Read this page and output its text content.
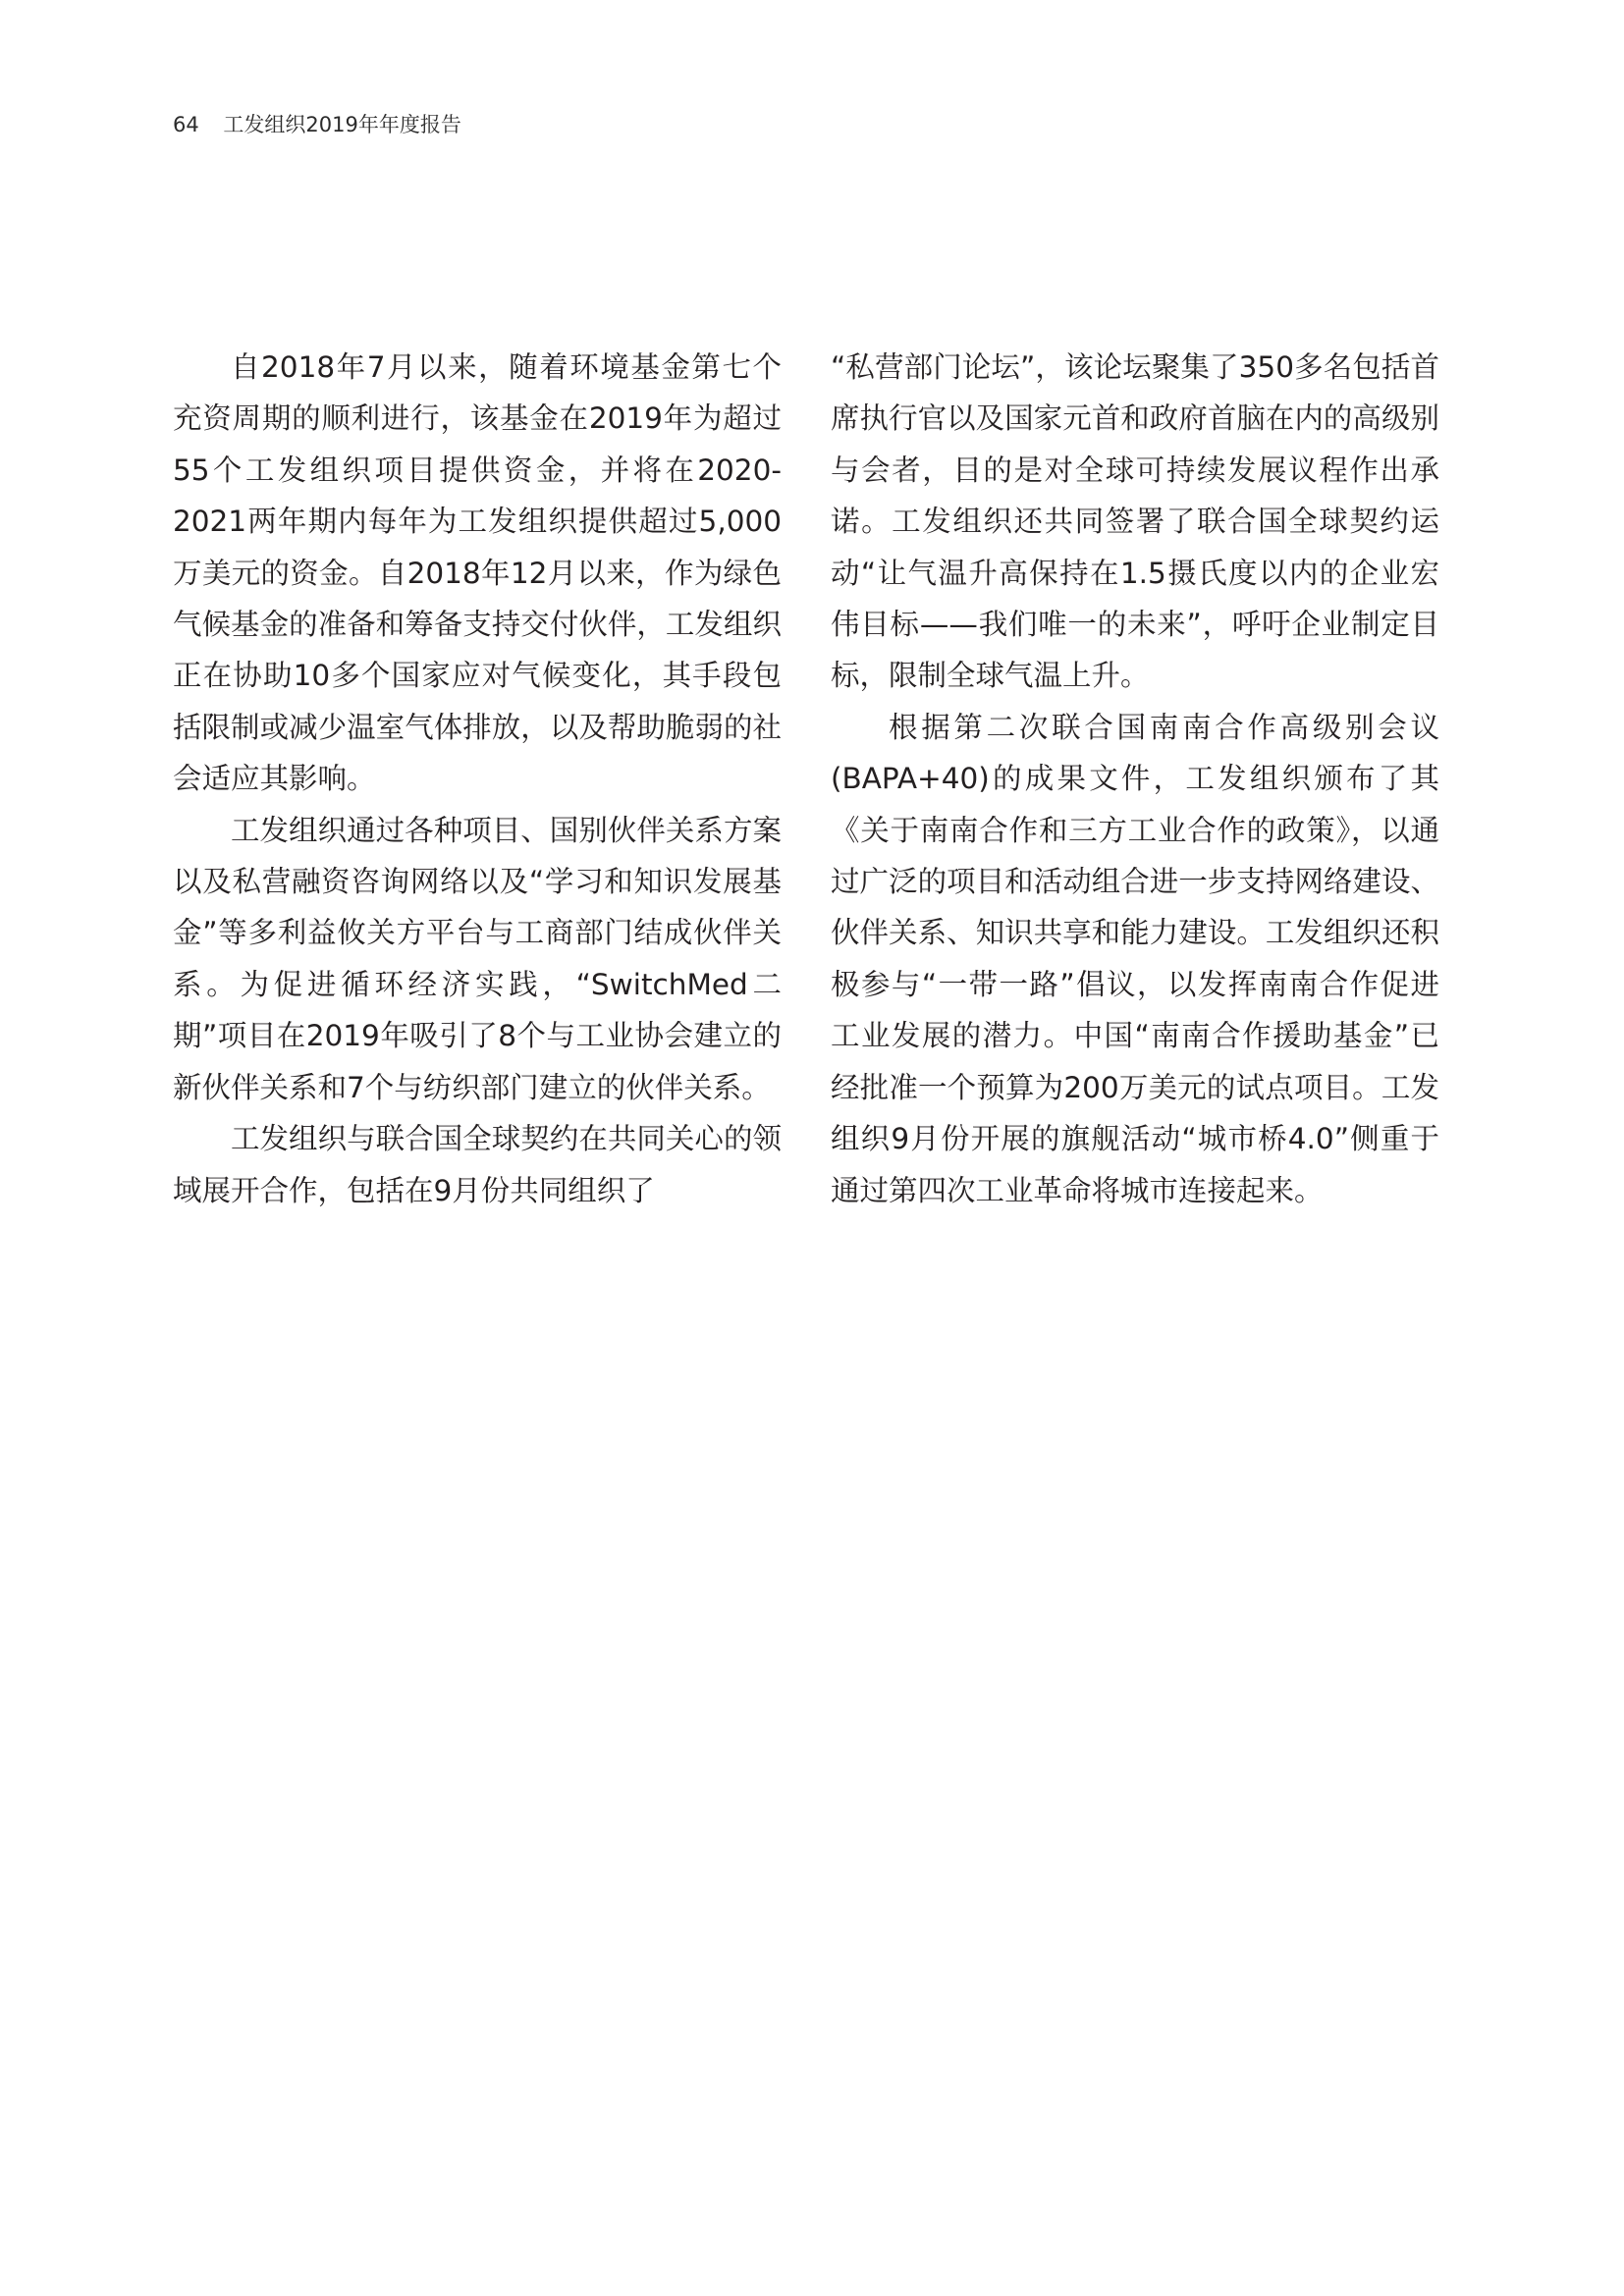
64 工发组织2019年年度报告

自2018年7月以来，随着环境基金第七个充资周期的顺利进行，该基金在2019年为超过55个工发组织项目提供资金，并将在2020-2021两年期内每年为工发组织提供超过5,000万美元的资金。自2018年12月以来，作为绿色气候基金的准备和筹备支持交付伙伴，工发组织正在协助10多个国家应对气候变化，其手段包括限制或减少温室气体排放，以及帮助脆弱的社会适应其影响。

工发组织通过各种项目、国别伙伴关系方案以及私营融资咨询网络以及“学习和知识发展基金”等多利益攸关方平台与工商部门结成伙伴关系。为促进循环经济实践，“SwitchMed二期”项目在2019年吸引了8个与工业协会建立的新伙伴关系和7个与纺织部门建立的伙伴关系。

工发组织与联合国全球契约在共同关心的领域展开合作，包括在9月份共同组织了

“私营部门论坛”，该论坛聚集了350多名包括首席执行官以及国家元首和政府首脑在内的高级别与会者，目的是对全球可持续发展议程作出承诺。工发组织还共同签署了联合国全球契约运动“让气温升高保持在1.5摄氏度以内的企业宏伟目标——我们唯一的未来”，呼吁企业制定目标，限制全球气温上升。

根据第二次联合国南南合作高级别会议(BAPA+40)的成果文件，工发组织颁布了其《关于南南合作和三方工业合作的政策》，以通过广泛的项目和活动组合进一步支持网络建设、伙伴关系、知识共享和能力建设。工发组织还积极参与“一带一路”倡议，以发挥南南合作促进工业发展的潜力。中国“南南合作援助基金”已经批准一个预算为200万美元的试点项目。工发组织9月份开展的旗舰活动“城市桥4.0”侧重于通过第四次工业革命将城市连接起来。
